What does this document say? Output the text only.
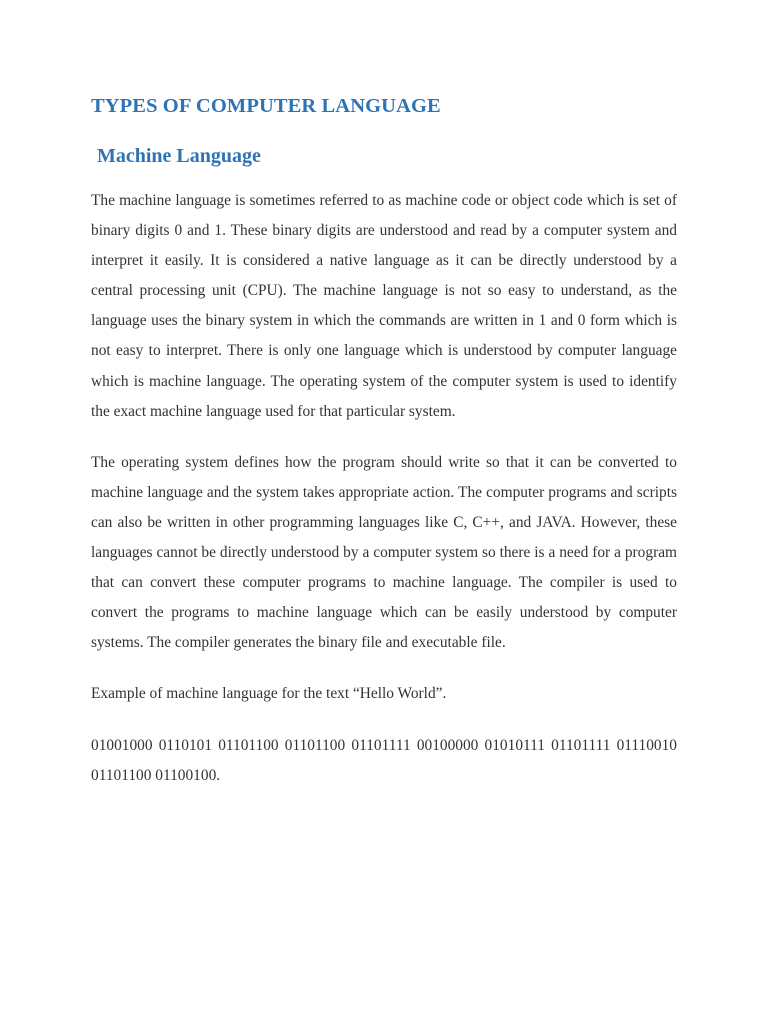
TYPES OF COMPUTER LANGUAGE
Machine Language

The machine language is sometimes referred to as machine code or object code which is set of binary digits 0 and 1. These binary digits are understood and read by a computer system and interpret it easily. It is considered a native language as it can be directly understood by a central processing unit (CPU). The machine language is not so easy to understand, as the language uses the binary system in which the commands are written in 1 and 0 form which is not easy to interpret. There is only one language which is understood by computer language which is machine language. The operating system of the computer system is used to identify the exact machine language used for that particular system.

The operating system defines how the program should write so that it can be converted to machine language and the system takes appropriate action. The computer programs and scripts can also be written in other programming languages like C, C++, and JAVA. However, these languages cannot be directly understood by a computer system so there is a need for a program that can convert these computer programs to machine language. The compiler is used to convert the programs to machine language which can be easily understood by computer systems. The compiler generates the binary file and executable file.

Example of machine language for the text “Hello World”.

01001000 0110101 01101100 01101100 01101111 00100000 01010111 01101111 01110010 01101100 01100100.
